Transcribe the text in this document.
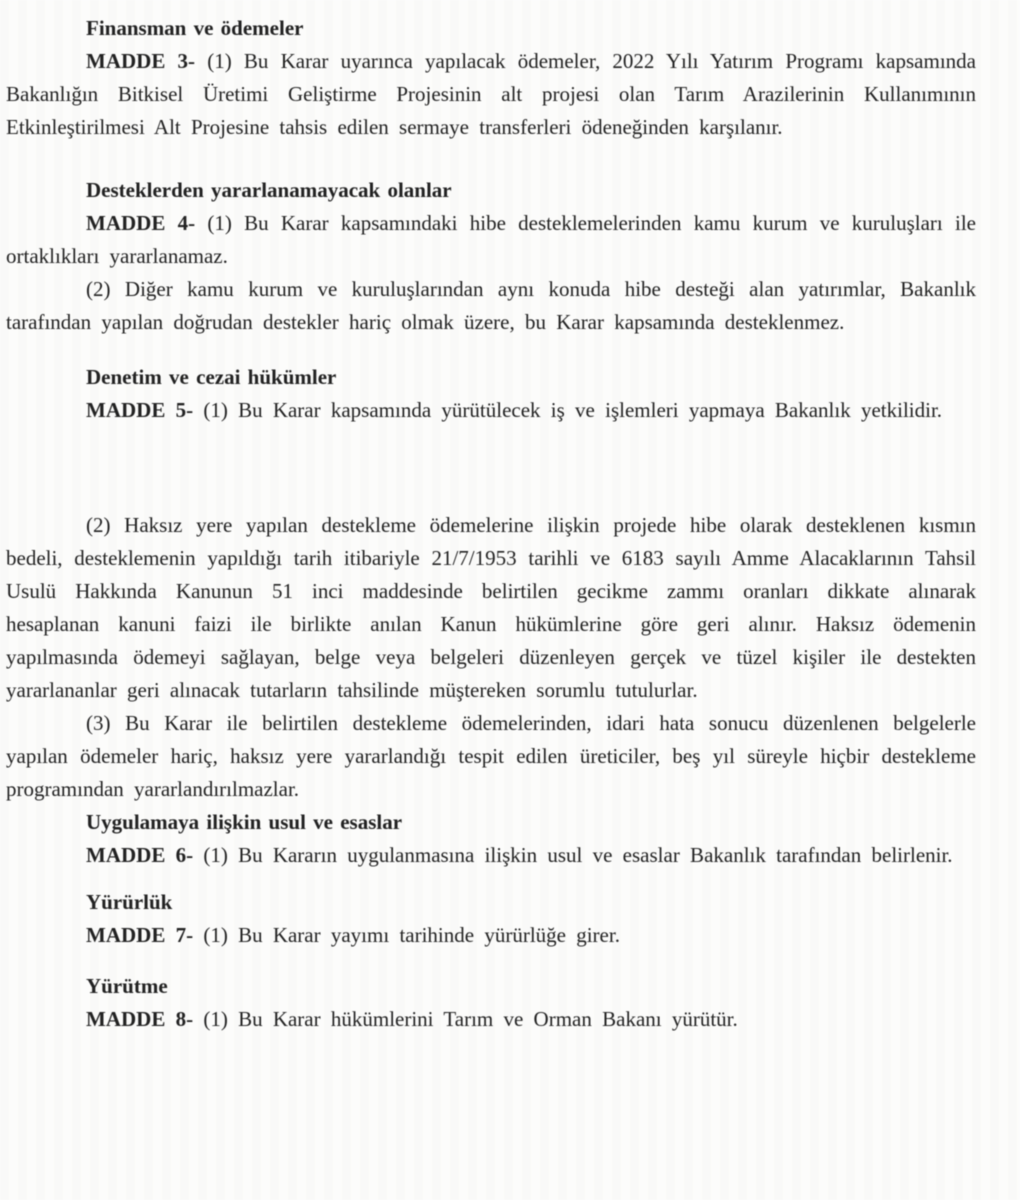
Finansman ve ödemeler

MADDE 3- (1) Bu Karar uyarınca yapılacak ödemeler, 2022 Yılı Yatırım Programı kapsamında Bakanlığın Bitkisel Üretimi Geliştirme Projesinin alt projesi olan Tarım Arazilerinin Kullanımının Etkinleştirilmesi Alt Projesine tahsis edilen sermaye transferleri ödeneğinden karşılanır.

Desteklerden yararlanamayacak olanlar

MADDE 4- (1) Bu Karar kapsamındaki hibe desteklemelerinden kamu kurum ve kuruluşları ile ortaklıkları yararlanamaz.

(2) Diğer kamu kurum ve kuruluşlarından aynı konuda hibe desteği alan yatırımlar, Bakanlık tarafından yapılan doğrudan destekler hariç olmak üzere, bu Karar kapsamında desteklenmez.

Denetim ve cezai hükümler

MADDE 5- (1) Bu Karar kapsamında yürütülecek iş ve işlemleri yapmaya Bakanlık yetkilidir.

(2) Haksız yere yapılan destekleme ödemelerine ilişkin projede hibe olarak desteklenen kısmın bedeli, desteklemenin yapıldığı tarih itibariyle 21/7/1953 tarihli ve 6183 sayılı Amme Alacaklarının Tahsil Usulü Hakkında Kanunun 51 inci maddesinde belirtilen gecikme zammı oranları dikkate alınarak hesaplanan kanuni faizi ile birlikte anılan Kanun hükümlerine göre geri alınır. Haksız ödemenin yapılmasında ödemeyi sağlayan, belge veya belgeleri düzenleyen gerçek ve tüzel kişiler ile destekten yararlananlar geri alınacak tutarların tahsilinde müştereken sorumlu tutulurlar.

(3) Bu Karar ile belirtilen destekleme ödemelerinden, idari hata sonucu düzenlenen belgelerle yapılan ödemeler hariç, haksız yere yararlandığı tespit edilen üreticiler, beş yıl süreyle hiçbir destekleme programından yararlandırılmazlar.

Uygulamaya ilişkin usul ve esaslar

MADDE 6- (1) Bu Kararın uygulanmasına ilişkin usul ve esaslar Bakanlık tarafından belirlenir.

Yürürlük

MADDE 7- (1) Bu Karar yayımı tarihinde yürürlüğe girer.

Yürütme

MADDE 8- (1) Bu Karar hükümlerini Tarım ve Orman Bakanı yürütür.
